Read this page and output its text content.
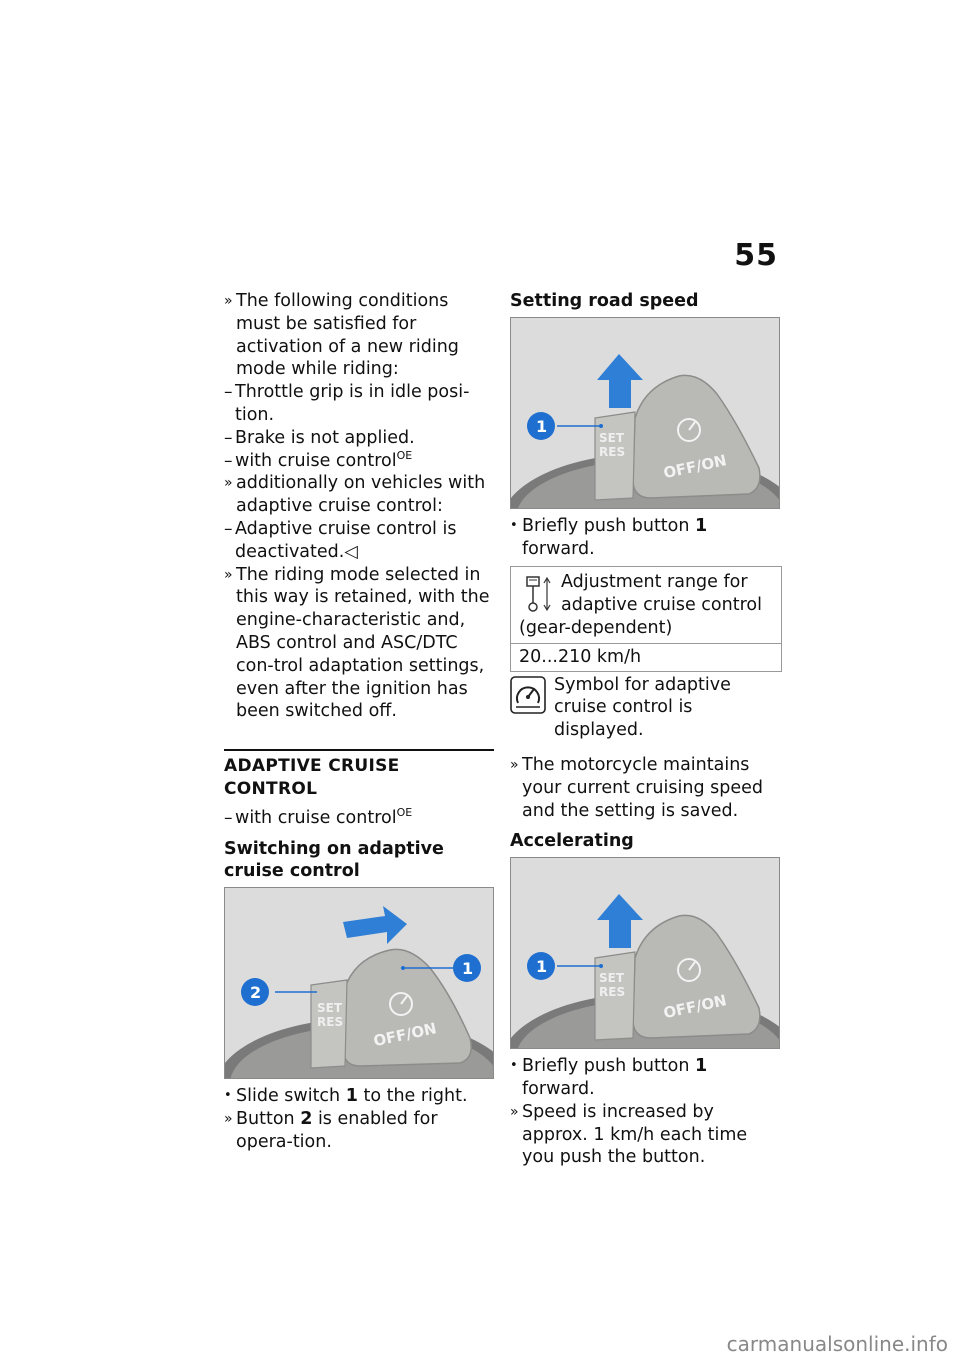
55
» The following conditions must be satisfied for activation of a new riding mode while riding:
– Throttle grip is in idle posi-tion.
– Brake is not applied.
– with cruise control$^{OE}$
» additionally on vehicles with adaptive cruise control:
– Adaptive cruise control is deactivated.◁
» The riding mode selected in this way is retained, with the engine-characteristic and, ABS control and ASC/DTC con-trol adaptation settings, even after the ignition has been switched off.
ADAPTIVE CRUISE CONTROL
– with cruise control$^{OE}$
Switching on adaptive cruise control
SET
RES OFF/ON
2
1
• Slide switch 1 to the right.
» Button 2 is enabled for opera-tion.
Setting road speed
SET
RES OFF/ON
1
• Briefly push button 1 forward.
Adjustment range for adaptive cruise control
(gear-dependent)
20...210 km/h
Symbol for adaptive cruise control is displayed.
» The motorcycle maintains your current cruising speed and the setting is saved.
Accelerating
SET
RES OFF/ON
1
• Briefly push button 1 forward.
» Speed is increased by approx. 1 km/h each time you push the button.
carmanualsonline.info
